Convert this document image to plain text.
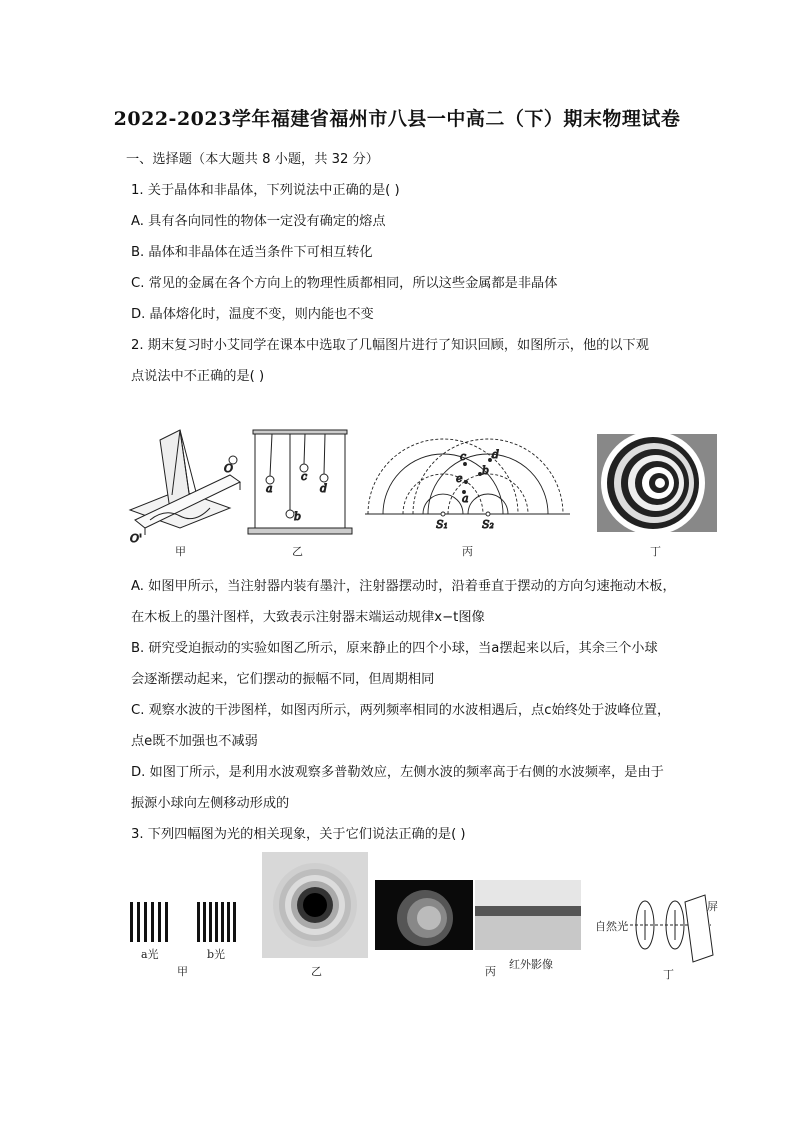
2022-2023学年福建省福州市八县一中高二（下）期末物理试卷
一、选择题（本大题共 8 小题，共 32 分）
1. 关于晶体和非晶体，下列说法中正确的是( )
A. 具有各向同性的物体一定没有确定的熔点
B. 晶体和非晶体在适当条件下可相互转化
C. 常见的金属在各个方向上的物理性质都相同，所以这些金属都是非晶体
D. 晶体熔化时，温度不变，则内能也不变
2. 期末复习时小艾同学在课本中选取了几幅图片进行了知识回顾，如图所示，他的以下观
点说法中不正确的是( )
O
O'
甲
a
b
c
d
乙
c d
b
e
a
S₁	S₂
丙	丁
A. 如图甲所示，当注射器内装有墨汁，注射器摆动时，沿着垂直于摆动的方向匀速拖动木板，
在木板上的墨汁图样，大致表示注射器末端运动规律x−t图像
B. 研究受迫振动的实验如图乙所示，原来静止的四个小球，当a摆起来以后，其余三个小球
会逐渐摆动起来，它们摆动的振幅不同，但周期相同
C. 观察水波的干涉图样，如图丙所示，两列频率相同的水波相遇后，点c始终处于波峰位置，
点e既不加强也不减弱
D. 如图丁所示，是利用水波观察多普勒效应，左侧水波的频率高于右侧的水波频率，是由于
振源小球向左侧移动形成的
3. 下列四幅图为光的相关现象，关于它们说法正确的是( )
a光	b光
甲	乙	丙
红外影像
自然光
屏
丁
